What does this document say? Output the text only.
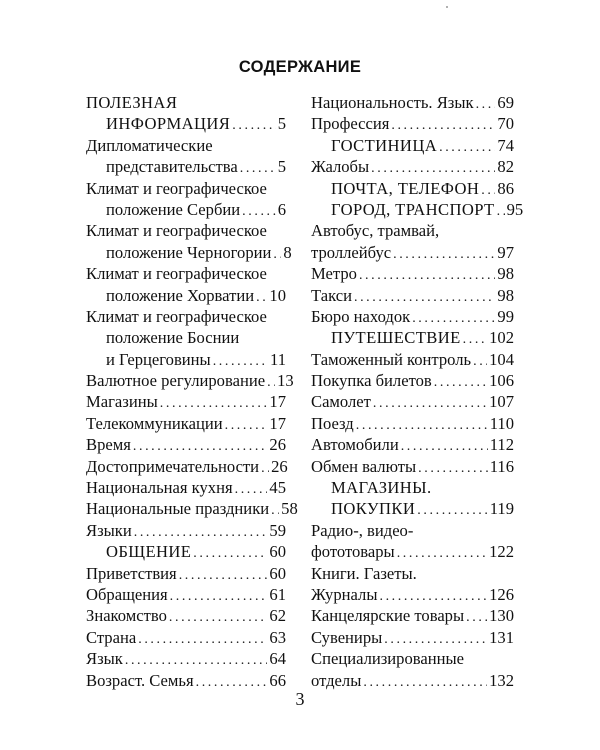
СОДЕРЖАНИЕ
ПОЛЕЗНАЯ
ИНФОРМАЦИЯ .....	5
Дипломатические
представительства ..... 5
Климат и географическое
положение Сербии ..... 6
Климат и географическое
положение Черногории ..... 8
Климат и географическое
положение Хорватии ..... 10
Климат и географическое
положение Боснии
и Герцеговины .....	11
Валютное регулирование ..... 13
Магазины .....	17
Телекоммуникации .....	17
Время .....	26
Достопримечательности ..... 26
Национальная кухня ..... 45
Национальные праздники ..... 58
Языки .....	59
ОБЩЕНИЕ .....	60
Приветствия .....	60
Обращения .....	61
Знакомство .....	62
Страна .....	63
Язык .....	64
Возраст. Семья .....	66
Национальность. Язык ..... 69
Профессия .....	70
ГОСТИНИЦА .....	74
Жалобы .....	82
ПОЧТА, ТЕЛЕФОН ..... 86
ГОРОД, ТРАНСПОРТ ..... 95
Автобус, трамвай,
троллейбус .....	97
Метро .....	98
Такси .....	98
Бюро находок .....	99
ПУТЕШЕСТВИЕ ..... 102
Таможенный контроль ..... 104
Покупка билетов .....	106
Самолет .....	107
Поезд .....	110
Автомобили .....	112
Обмен валюты .....	116
МАГАЗИНЫ.
ПОКУПКИ .....	119
Радио-, видео-
фототовары .....	122
Книги. Газеты.
Журналы .....	126
Канцелярские товары ..... 130
Сувениры .....	131
Специализированные
отделы .....	132
3
